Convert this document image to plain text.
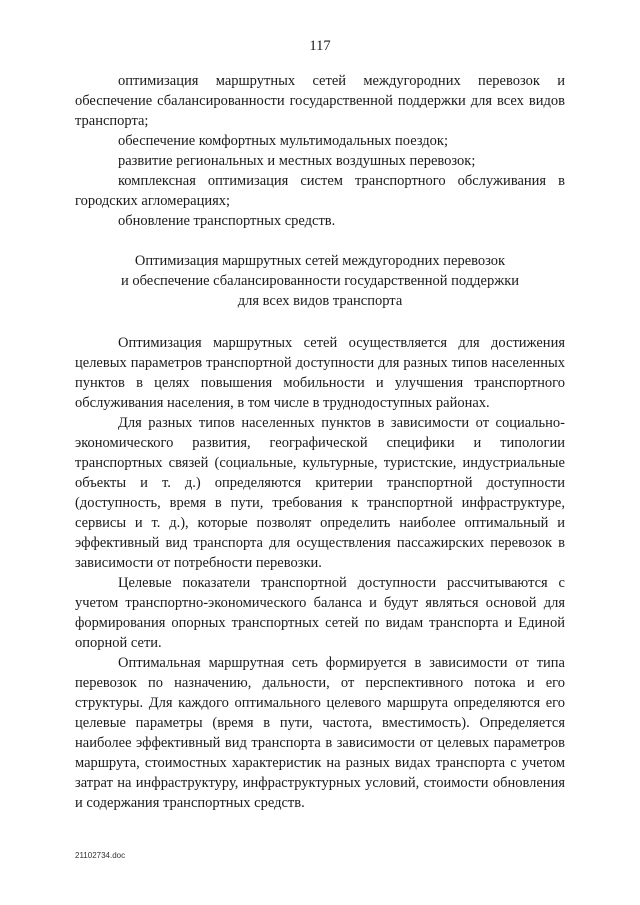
117

оптимизация маршрутных сетей междугородних перевозок и обеспечение сбалансированности государственной поддержки для всех видов транспорта;

обеспечение комфортных мультимодальных поездок;

развитие региональных и местных воздушных перевозок;

комплексная оптимизация систем транспортного обслуживания в городских агломерациях;

обновление транспортных средств.

Оптимизация маршрутных сетей междугородних перевозок
и обеспечение сбалансированности государственной поддержки
для всех видов транспорта

Оптимизация маршрутных сетей осуществляется для достижения целевых параметров транспортной доступности для разных типов населенных пунктов в целях повышения мобильности и улучшения транспортного обслуживания населения, в том числе в труднодоступных районах.

Для разных типов населенных пунктов в зависимости от социально-экономического развития, географической специфики и типологии транспортных связей (социальные, культурные, туристские, индустриальные объекты и т. д.) определяются критерии транспортной доступности (доступность, время в пути, требования к транспортной инфраструктуре, сервисы и т. д.), которые позволят определить наиболее оптимальный и эффективный вид транспорта для осуществления пассажирских перевозок в зависимости от потребности перевозки.

Целевые показатели транспортной доступности рассчитываются с учетом транспортно-экономического баланса и будут являться основой для формирования опорных транспортных сетей по видам транспорта и Единой опорной сети.

Оптимальная маршрутная сеть формируется в зависимости от типа перевозок по назначению, дальности, от перспективного потока и его структуры. Для каждого оптимального целевого маршрута определяются его целевые параметры (время в пути, частота, вместимость). Определяется наиболее эффективный вид транспорта в зависимости от целевых параметров маршрута, стоимостных характеристик на разных видах транспорта с учетом затрат на инфраструктуру, инфраструктурных условий, стоимости обновления и содержания транспортных средств.

21102734.doc
